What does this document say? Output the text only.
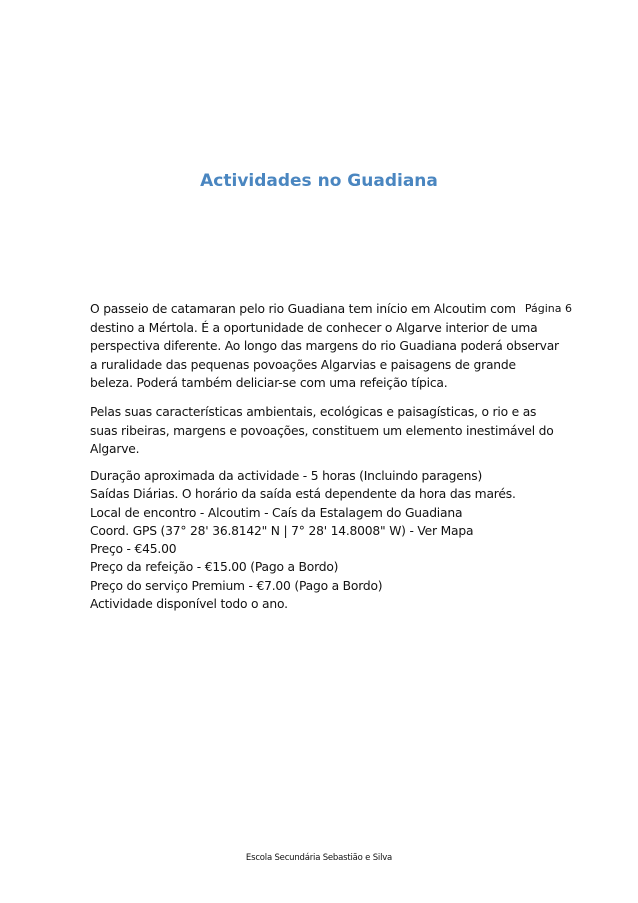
Actividades no Guadiana

O passeio de catamaran pelo rio Guadiana tem início em Alcoutim com destino a Mértola. É a oportunidade de conhecer o Algarve interior de uma perspectiva diferente. Ao longo das margens do rio Guadiana poderá observar a ruralidade das pequenas povoações Algarvias e paisagens de grande beleza. Poderá também deliciar-se com uma refeição típica.

Página 6

Pelas suas características ambientais, ecológicas e paisagísticas, o rio e as suas ribeiras, margens e povoações, constituem um elemento inestimável do Algarve.

Duração aproximada da actividade - 5 horas (Incluindo paragens)
Saídas Diárias. O horário da saída está dependente da hora das marés.
Local de encontro - Alcoutim - Caís da Estalagem do Guadiana
Coord. GPS (37° 28' 36.8142" N | 7° 28' 14.8008" W) - Ver Mapa
Preço - €45.00
Preço da refeição - €15.00 (Pago a Bordo)
Preço do serviço Premium - €7.00 (Pago a Bordo)
Actividade disponível todo o ano.
Escola Secundária Sebastião e Silva
